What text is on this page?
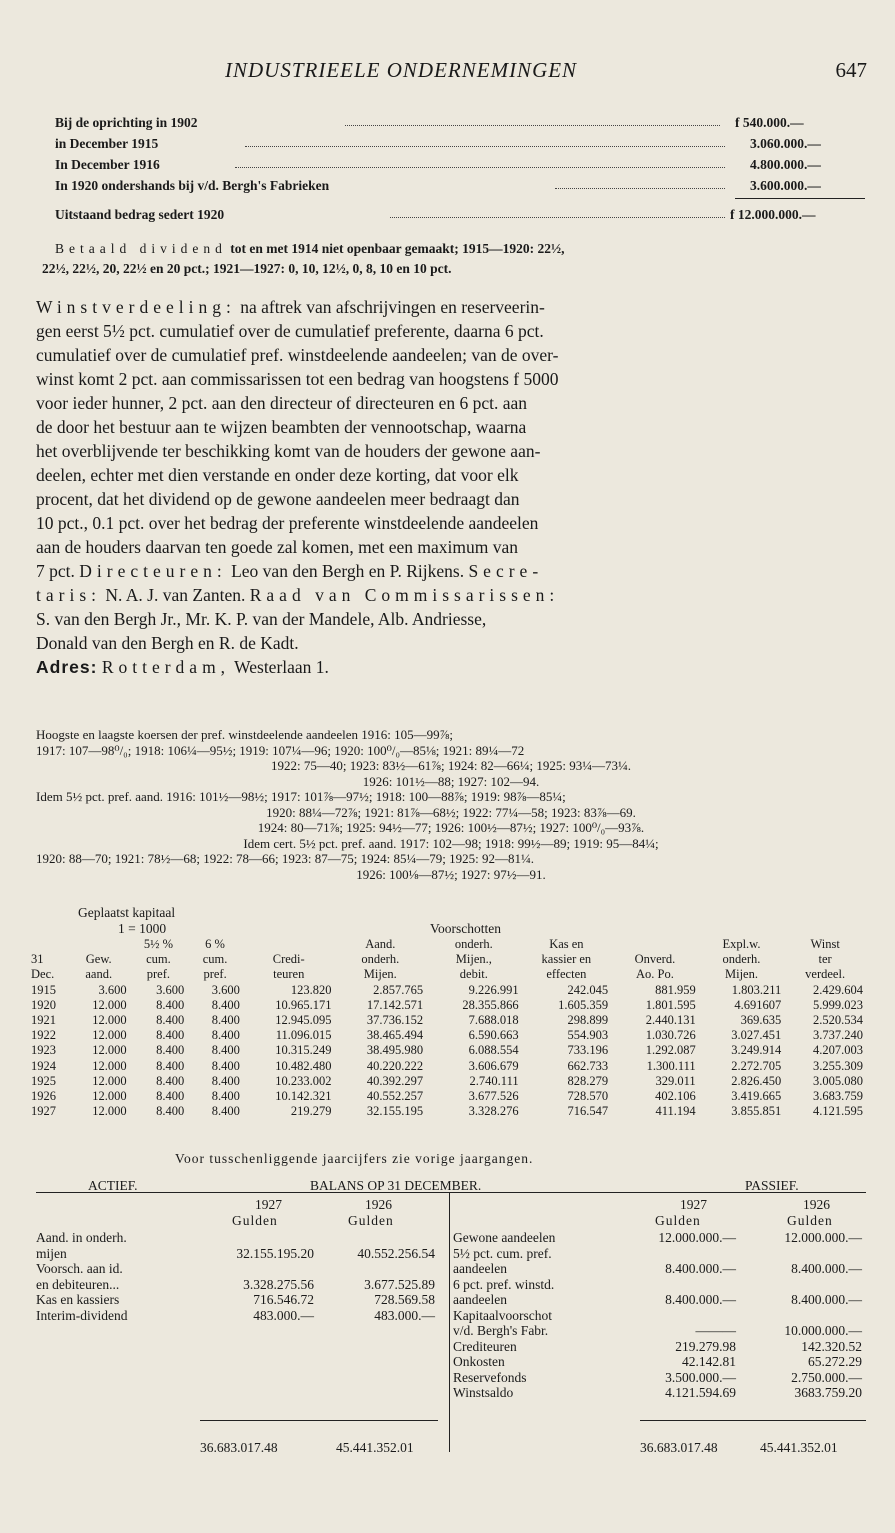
INDUSTRIEELE ONDERNEMINGEN	647
Bij de oprichting in 1902	f 540.000.—
in December 1915	3.060.000.—
In December 1916	4.800.000.—
In 1920 ondershands bij v/d. Bergh's Fabrieken	3.600.000.—
Uitstaand bedrag sedert 1920	f 12.000.000.—
Betaald dividend tot en met 1914 niet openbaar gemaakt; 1915—1920: 22½,
22½, 22½, 20, 22½ en 20 pct.; 1921—1927: 0, 10, 12½, 0, 8, 10 en 10 pct.
Winstverdeeling: na aftrek van afschrijvingen en reserveerin-
gen eerst 5½ pct. cumulatief over de cumulatief preferente, daarna 6 pct.
cumulatief over de cumulatief pref. winstdeelende aandeelen; van de over-
winst komt 2 pct. aan commissarissen tot een bedrag van hoogstens f 5000
voor ieder hunner, 2 pct. aan den directeur of directeuren en 6 pct. aan
de door het bestuur aan te wijzen beambten der vennootschap, waarna
het overblijvende ter beschikking komt van de houders der gewone aan-
deelen, echter met dien verstande en onder deze korting, dat voor elk
procent, dat het dividend op de gewone aandeelen meer bedraagt dan
10 pct., 0.1 pct. over het bedrag der preferente winstdeelende aandeelen
aan de houders daarvan ten goede zal komen, met een maximum van
7 pct. Directeuren: Leo van den Bergh en P. Rijkens. Secre-
taris: N. A. J. van Zanten. Raad van Commissarissen:
S. van den Bergh Jr., Mr. K. P. van der Mandele, Alb. Andriesse,
Donald van den Bergh en R. de Kadt.
Adres: Rotterdam, Westerlaan 1.
Hoogste en laagste koersen der pref. winstdeelende aandeelen 1916: 105—99⅞;
1917: 107—98⁰/₀; 1918: 106¼—95½; 1919: 107¼—96; 1920: 100⁰/₀—85⅛; 1921: 89¼—72
1922: 75—40; 1923: 83½—61⅞; 1924: 82—66¼; 1925: 93¼—73¼.
1926: 101½—88; 1927: 102—94.
Idem 5½ pct. pref. aand. 1916: 101½—98½; 1917: 101⅞—97½; 1918: 100—88⅞; 1919: 98⅞—85¼;
1920: 88¼—72⅞; 1921: 81⅞—68½; 1922: 77¼—58; 1923: 83⅞—69.
1924: 80—71⅞; 1925: 94½—77; 1926: 100½—87½; 1927: 100⁰/₀—93⅞.
Idem cert. 5½ pct. pref. aand. 1917: 102—98; 1918: 99½—89; 1919: 95—84¼;
1920: 88—70; 1921: 78½—68; 1922: 78—66; 1923: 87—75; 1924: 85¼—79; 1925: 92—81¼.
1926: 100⅛—87½; 1927: 97½—91.
Geplaatst kapitaal
1 = 1000	Voorschotten
		5½ %	6 %		Aand.	onderh.	Kas en		Expl.w.	Winst
31	Gew.	cum.	cum.	Credi-	onderh.	Mijen.,	kassier en	Onverd.	onderh.	ter
Dec.	aand.	pref.	pref.	teuren	Mijen.	debit.	effecten	Ao. Po.	Mijen.	verdeel.
1915	3.600	3.600	3.600	123.820	2.857.765	9.226.991	242.045	881.959	1.803.211	2.429.604
1920	12.000	8.400	8.400	10.965.171	17.142.571	28.355.866	1.605.359	1.801.595	4.691607	5.999.023
1921	12.000	8.400	8.400	12.945.095	37.736.152	7.688.018	298.899	2.440.131	369.635	2.520.534
1922	12.000	8.400	8.400	11.096.015	38.465.494	6.590.663	554.903	1.030.726	3.027.451	3.737.240
1923	12.000	8.400	8.400	10.315.249	38.495.980	6.088.554	733.196	1.292.087	3.249.914	4.207.003
1924	12.000	8.400	8.400	10.482.480	40.220.222	3.606.679	662.733	1.300.111	2.272.705	3.255.309
1925	12.000	8.400	8.400	10.233.002	40.392.297	2.740.111	828.279	329.011	2.826.450	3.005.080
1926	12.000	8.400	8.400	10.142.321	40.552.257	3.677.526	728.570	402.106	3.419.665	3.683.759
1927	12.000	8.400	8.400	219.279	32.155.195	3.328.276	716.547	411.194	3.855.851	4.121.595
Voor tusschenliggende jaarcijfers zie vorige jaargangen.
ACTIEF.	BALANS OP 31 DECEMBER.	PASSIEF.
1927	1926
Gulden	Gulden
1927	1926
Gulden	Gulden
Aand. in onderh.
mijen	32.155.195.20	40.552.256.54
Voorsch. aan id.
en debiteuren...	3.328.275.56	3.677.525.89
Kas en kassiers	716.546.72	728.569.58
Interim-dividend	483.000.—	483.000.—
Gewone aandeelen	12.000.000.—	12.000.000.—
5½ pct. cum. pref.
aandeelen	8.400.000.—	8.400.000.—
6 pct. pref. winstd.
aandeelen	8.400.000.—	8.400.000.—
Kapitaalvoorschot
v/d. Bergh's Fabr.	———	10.000.000.—
Crediteuren	219.279.98	142.320.52
Onkosten	42.142.81	65.272.29
Reservefonds	3.500.000.—	2.750.000.—
Winstsaldo	4.121.594.69	3683.759.20
36.683.017.48	45.441.352.01	36.683.017.48	45.441.352.01
